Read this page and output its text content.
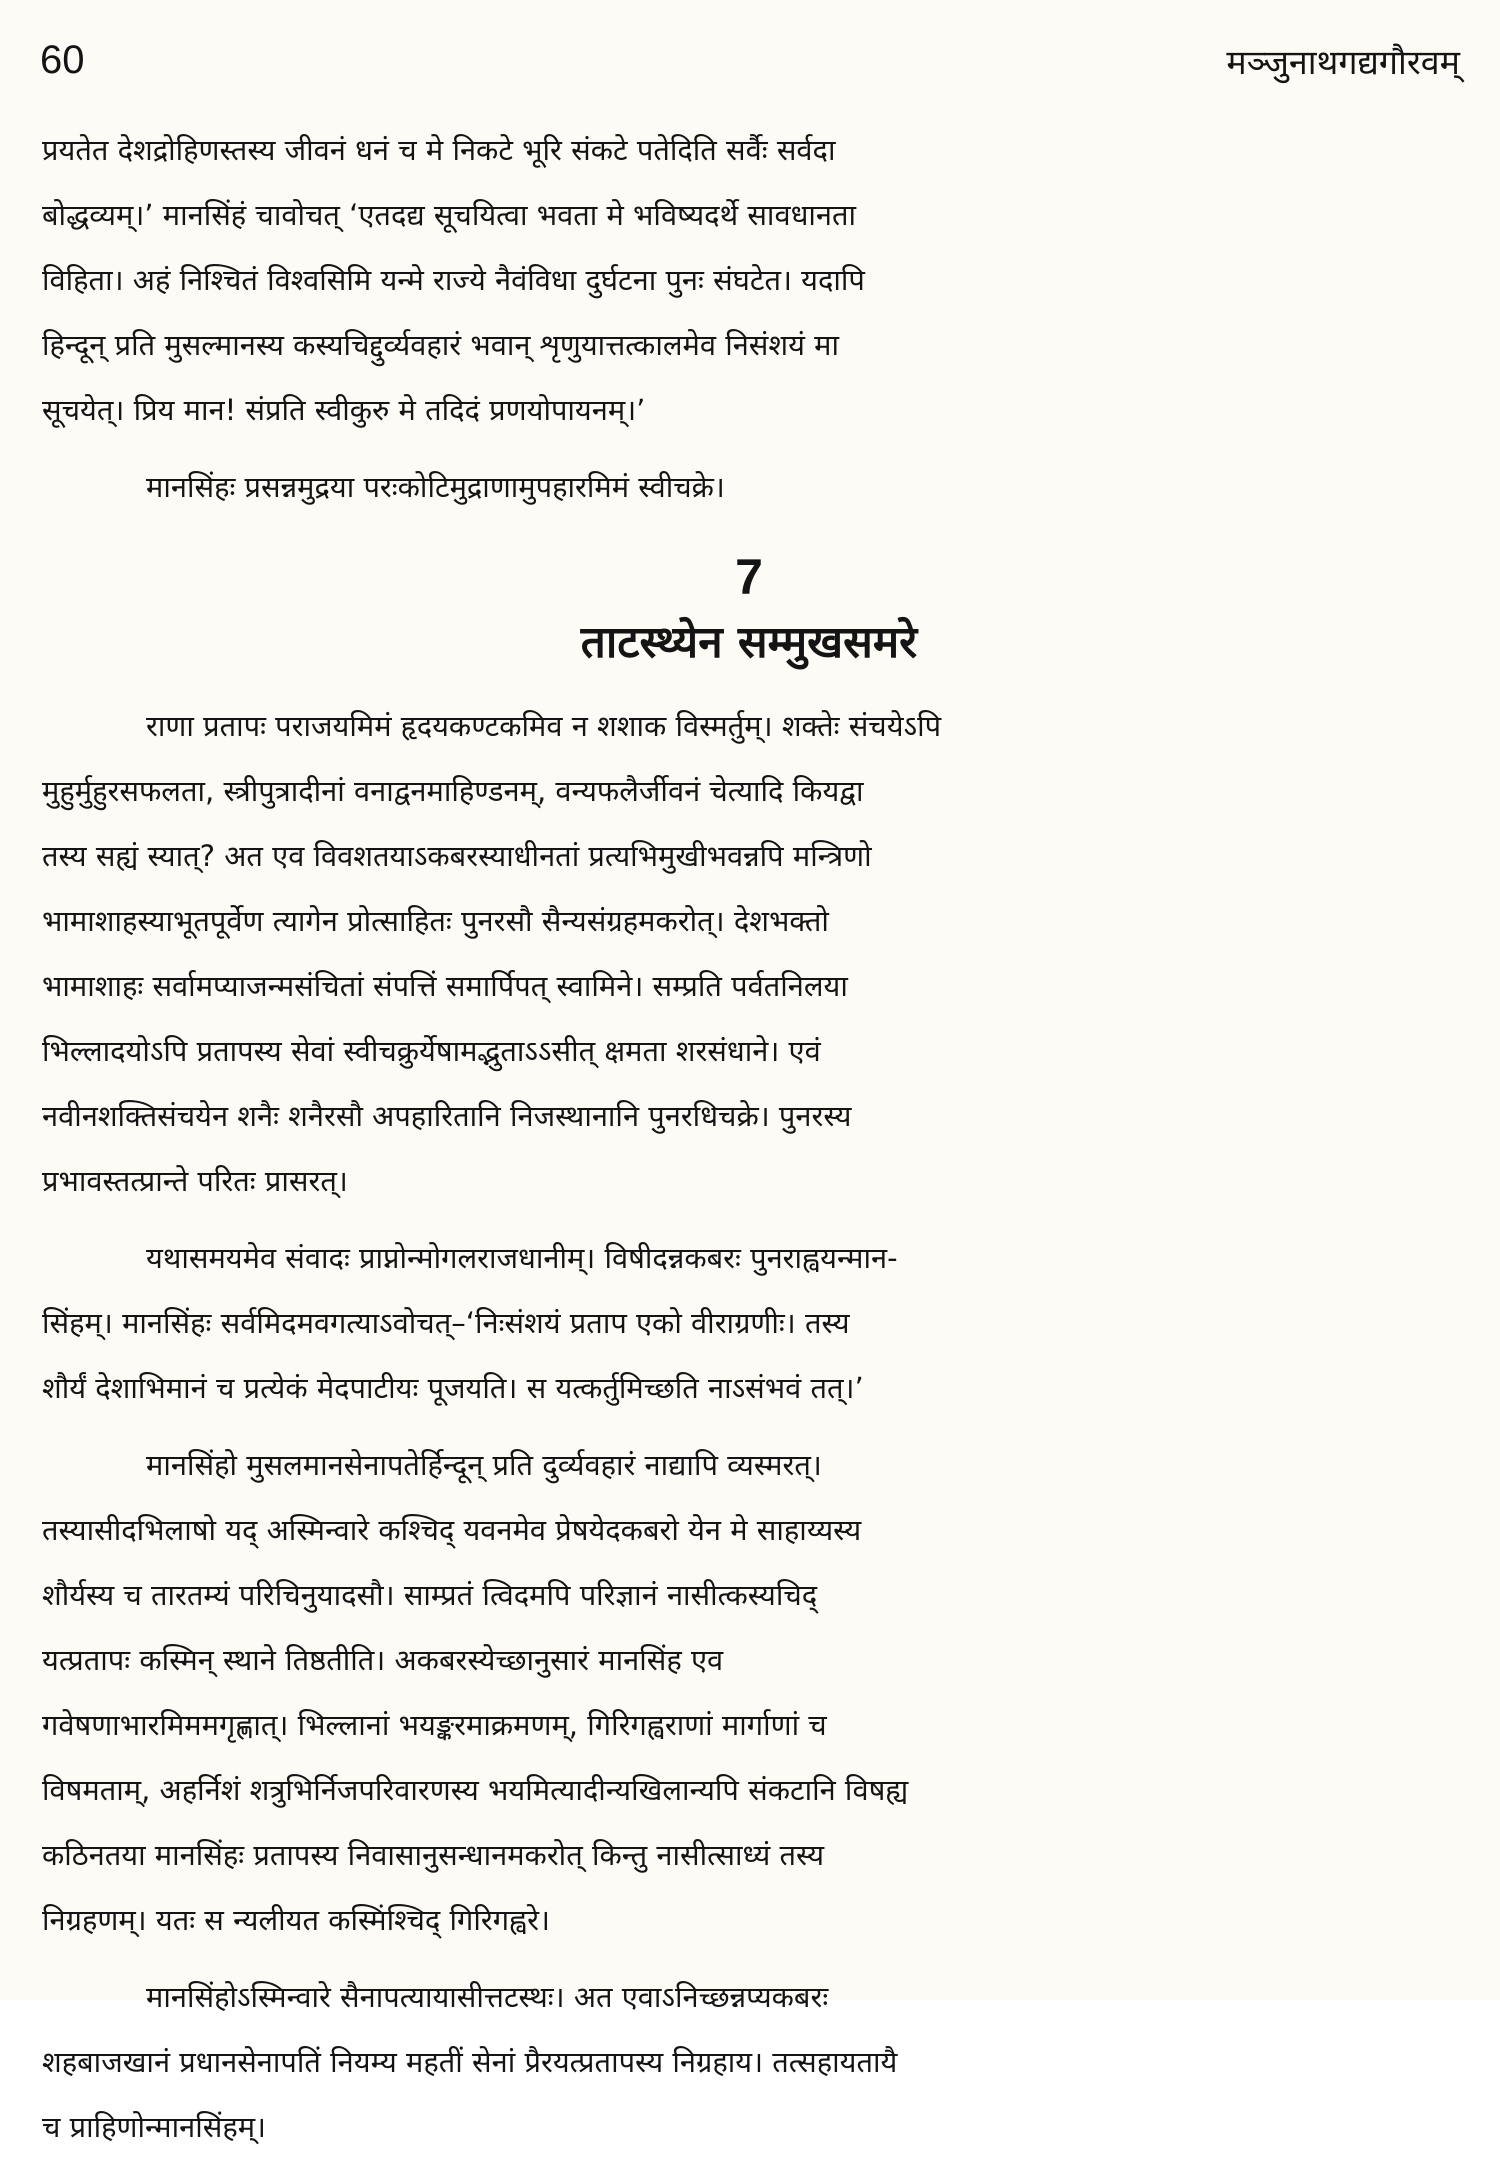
60	मञ्जुनाथगद्यगौरवम्

प्रयतेत देशद्रोहिणस्तस्य जीवनं धनं च मे निकटे भूरि संकटे पतेदिति सर्वैः सर्वदा
बोद्धव्यम्।’ मानसिंहं चावोचत् ‘एतदद्य सूचयित्वा भवता मे भविष्यदर्थे सावधानता
विहिता। अहं निश्चितं विश्वसिमि यन्मे राज्ये नैवंविधा दुर्घटना पुनः संघटेत। यदापि
हिन्दून् प्रति मुसल्मानस्य कस्यचिद्दुर्व्यवहारं भवान् शृणुयात्तत्कालमेव निसंशयं मा
सूचयेत्। प्रिय मान! संप्रति स्वीकुरु मे तदिदं प्रणयोपायनम्।’

मानसिंहः प्रसन्नमुद्रया परःकोटिमुद्राणामुपहारमिमं स्वीचक्रे।

7
ताटस्थ्येन सम्मुखसमरे

राणा प्रतापः पराजयमिमं हृदयकण्टकमिव न शशाक विस्मर्तुम्। शक्तेः संचयेऽपि
मुहुर्मुहुरसफलता, स्त्रीपुत्रादीनां वनाद्वनमाहिण्डनम्, वन्यफलैर्जीवनं चेत्यादि कियद्वा
तस्य सह्यं स्यात्? अत एव विवशतयाऽकबरस्याधीनतां प्रत्यभिमुखीभवन्नपि मन्त्रिणो
भामाशाहस्याभूतपूर्वेण त्यागेन प्रोत्साहितः पुनरसौ सैन्यसंग्रहमकरोत्। देशभक्तो
भामाशाहः सर्वामप्याजन्मसंचितां संपत्तिं समार्पिपत् स्वामिने। सम्प्रति पर्वतनिलया
भिल्लादयोऽपि प्रतापस्य सेवां स्वीचक्रुर्येषामद्भुताऽऽसीत् क्षमता शरसंधाने। एवं
नवीनशक्तिसंचयेन शनैः शनैरसौ अपहारितानि निजस्थानानि पुनरधिचक्रे। पुनरस्य
प्रभावस्तत्प्रान्ते परितः प्रासरत्।

यथासमयमेव संवादः प्राप्नोन्मोगलराजधानीम्। विषीदन्नकबरः पुनराह्वयन्मान-
सिंहम्। मानसिंहः सर्वमिदमवगत्याऽवोचत्–‘निःसंशयं प्रताप एको वीराग्रणीः। तस्य
शौर्यं देशाभिमानं च प्रत्येकं मेदपाटीयः पूजयति। स यत्कर्तुमिच्छति नाऽसंभवं तत्।’

मानसिंहो मुसलमानसेनापतेर्हिन्दून् प्रति दुर्व्यवहारं नाद्यापि व्यस्मरत्।
तस्यासीदभिलाषो यद् अस्मिन्वारे कश्चिद् यवनमेव प्रेषयेदकबरो येन मे साहाय्यस्य
शौर्यस्य च तारतम्यं परिचिनुयादसौ। साम्प्रतं त्विदमपि परिज्ञानं नासीत्कस्यचिद्
यत्प्रतापः कस्मिन् स्थाने तिष्ठतीति। अकबरस्येच्छानुसारं मानसिंह एव
गवेषणाभारमिममगृह्णात्। भिल्लानां भयङ्करमाक्रमणम्, गिरिगह्वराणां मार्गाणां च
विषमताम्, अहर्निशं शत्रुभिर्निजपरिवारणस्य भयमित्यादीन्यखिलान्यपि संकटानि विषह्य
कठिनतया मानसिंहः प्रतापस्य निवासानुसन्धानमकरोत् किन्तु नासीत्साध्यं तस्य
निग्रहणम्। यतः स न्यलीयत कस्मिंश्चिद् गिरिगह्वरे।

मानसिंहोऽस्मिन्वारे सैनापत्यायासीत्तटस्थः। अत एवाऽनिच्छन्नप्यकबरः
शहबाजखानं प्रधानसेनापतिं नियम्य महतीं सेनां प्रैरयत्प्रतापस्य निग्रहाय। तत्सहायतायै
च प्राहिणोन्मानसिंहम्।
